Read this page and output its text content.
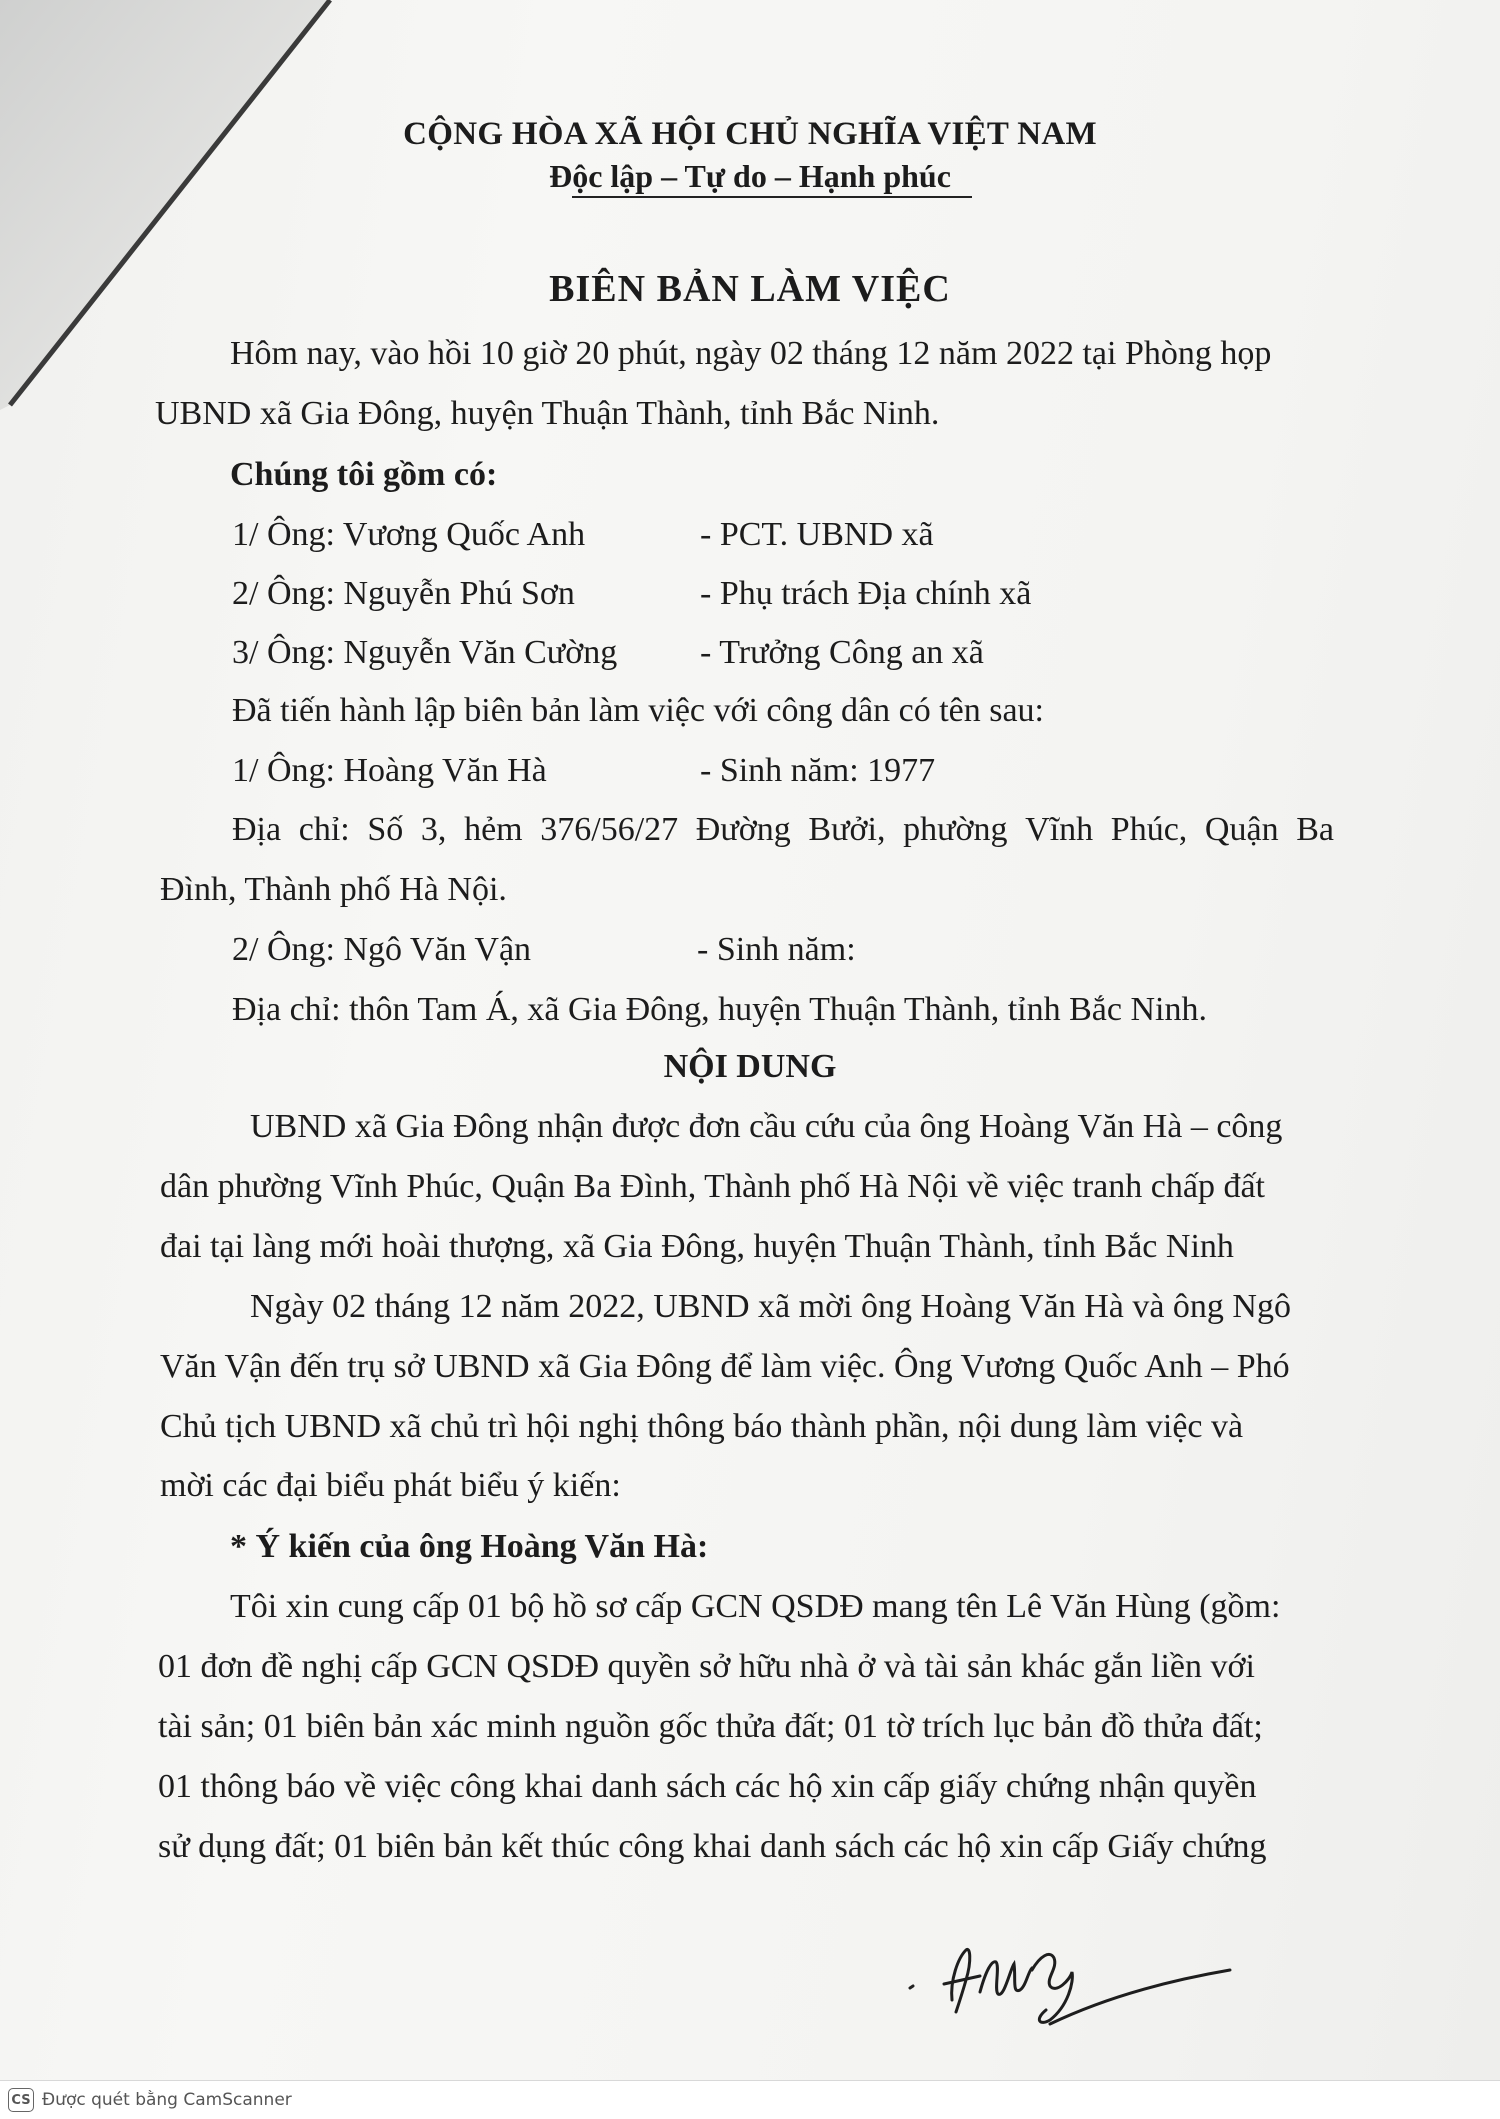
CỘNG HÒA XÃ HỘI CHỦ NGHĨA VIỆT NAM
Độc lập – Tự do – Hạnh phúc
BIÊN BẢN LÀM VIỆC
Hôm nay, vào hồi 10 giờ 20 phút, ngày 02 tháng 12 năm 2022 tại Phòng họp
UBND xã Gia Đông, huyện Thuận Thành, tỉnh Bắc Ninh.
Chúng tôi gồm có:
1/ Ông: Vương Quốc Anh	- PCT. UBND xã
2/ Ông: Nguyễn Phú Sơn	- Phụ trách Địa chính xã
3/ Ông: Nguyễn Văn Cường - Trưởng Công an xã
Đã tiến hành lập biên bản làm việc với công dân có tên sau:
1/ Ông: Hoàng Văn Hà	- Sinh năm: 1977
Địa chỉ: Số 3, hẻm 376/56/27 Đường Bưởi, phường Vĩnh Phúc, Quận Ba
Đình, Thành phố Hà Nội.
2/ Ông: Ngô Văn Vận	- Sinh năm:
Địa chỉ: thôn Tam Á, xã Gia Đông, huyện Thuận Thành, tỉnh Bắc Ninh.
NỘI DUNG
UBND xã Gia Đông nhận được đơn cầu cứu của ông Hoàng Văn Hà – công
dân phường Vĩnh Phúc, Quận Ba Đình, Thành phố Hà Nội về việc tranh chấp đất
đai tại làng mới hoài thượng, xã Gia Đông, huyện Thuận Thành, tỉnh Bắc Ninh
Ngày 02 tháng 12 năm 2022, UBND xã mời ông Hoàng Văn Hà và ông Ngô
Văn Vận đến trụ sở UBND xã Gia Đông để làm việc. Ông Vương Quốc Anh – Phó
Chủ tịch UBND xã chủ trì hội nghị thông báo thành phần, nội dung làm việc và
mời các đại biểu phát biểu ý kiến:
* Ý kiến của ông Hoàng Văn Hà:
Tôi xin cung cấp 01 bộ hồ sơ cấp GCN QSDĐ mang tên Lê Văn Hùng (gồm:
01 đơn đề nghị cấp GCN QSDĐ quyền sở hữu nhà ở và tài sản khác gắn liền với
tài sản; 01 biên bản xác minh nguồn gốc thửa đất; 01 tờ trích lục bản đồ thửa đất;
01 thông báo về việc công khai danh sách các hộ xin cấp giấy chứng nhận quyền
sử dụng đất; 01 biên bản kết thúc công khai danh sách các hộ xin cấp Giấy chứng
CS Được quét bằng CamScanner
